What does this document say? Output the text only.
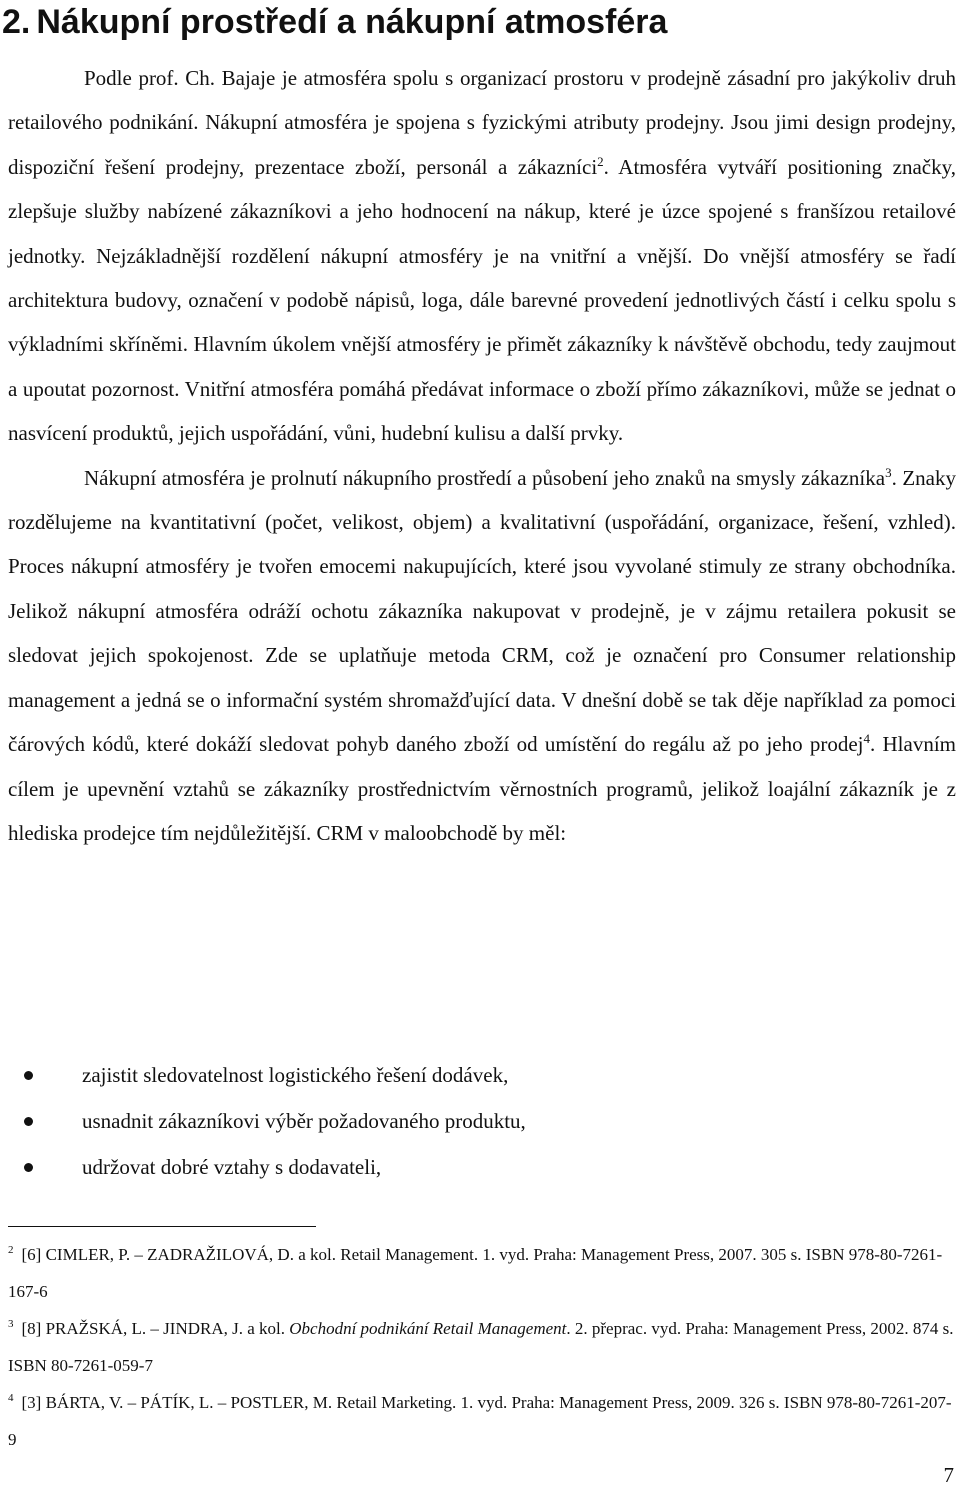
2. Nákupní prostředí a nákupní atmosféra

Podle prof. Ch. Bajaje je atmosféra spolu s organizací prostoru v prodejně zásadní pro jakýkoliv druh retailového podnikání. Nákupní atmosféra je spojena s fyzickými atributy prodejny. Jsou jimi design prodejny, dispoziční řešení prodejny, prezentace zboží, personál a zákazníci$^2$. Atmosféra vytváří positioning značky, zlepšuje služby nabízené zákazníkovi a jeho hodnocení na nákup, které je úzce spojené s franšízou retailové jednotky. Nejzákladnější rozdělení nákupní atmosféry je na vnitřní a vnější. Do vnější atmosféry se řadí architektura budovy, označení v podobě nápisů, loga, dále barevné provedení jednotlivých částí i celku spolu s výkladními skříněmi. Hlavním úkolem vnější atmosféry je přimět zákazníky k návštěvě obchodu, tedy zaujmout a upoutat pozornost. Vnitřní atmosféra pomáhá předávat informace o zboží přímo zákazníkovi, může se jednat o nasvícení produktů, jejich uspořádání, vůni, hudební kulisu a další prvky.

Nákupní atmosféra je prolnutí nákupního prostředí a působení jeho znaků na smysly zákazníka$^3$. Znaky rozdělujeme na kvantitativní (počet, velikost, objem) a kvalitativní (uspořádání, organizace, řešení, vzhled). Proces nákupní atmosféry je tvořen emocemi nakupujících, které jsou vyvolané stimuly ze strany obchodníka. Jelikož nákupní atmosféra odráží ochotu zákazníka nakupovat v prodejně, je v zájmu retailera pokusit se sledovat jejich spokojenost. Zde se uplatňuje metoda CRM, což je označení pro Consumer relationship management a jedná se o informační systém shromažďující data. V dnešní době se tak děje například za pomoci čárových kódů, které dokáží sledovat pohyb daného zboží od umístění do regálu až po jeho prodej$^4$. Hlavním cílem je upevnění vztahů se zákazníky prostřednictvím věrnostních programů, jelikož loajální zákazník je z hlediska prodejce tím nejdůležitější. CRM v maloobchodě by měl:

zajistit sledovatelnost logistického řešení dodávek,
usnadnit zákazníkovi výběr požadovaného produktu,
udržovat dobré vztahy s dodavateli,

$^2$ [6] CIMLER, P. – ZADRAŽILOVÁ, D. a kol. Retail Management. 1. vyd. Praha: Management Press, 2007. 305 s. ISBN 978-80-7261-167-6

$^3$ [8] PRAŽSKÁ, L. – JINDRA, J. a kol. Obchodní podnikání Retail Management. 2. přeprac. vyd. Praha: Management Press, 2002. 874 s. ISBN 80-7261-059-7

$^4$ [3] BÁRTA, V. – PÁTÍK, L. – POSTLER, M. Retail Marketing. 1. vyd. Praha: Management Press, 2009. 326 s. ISBN 978-80-7261-207-9

7
